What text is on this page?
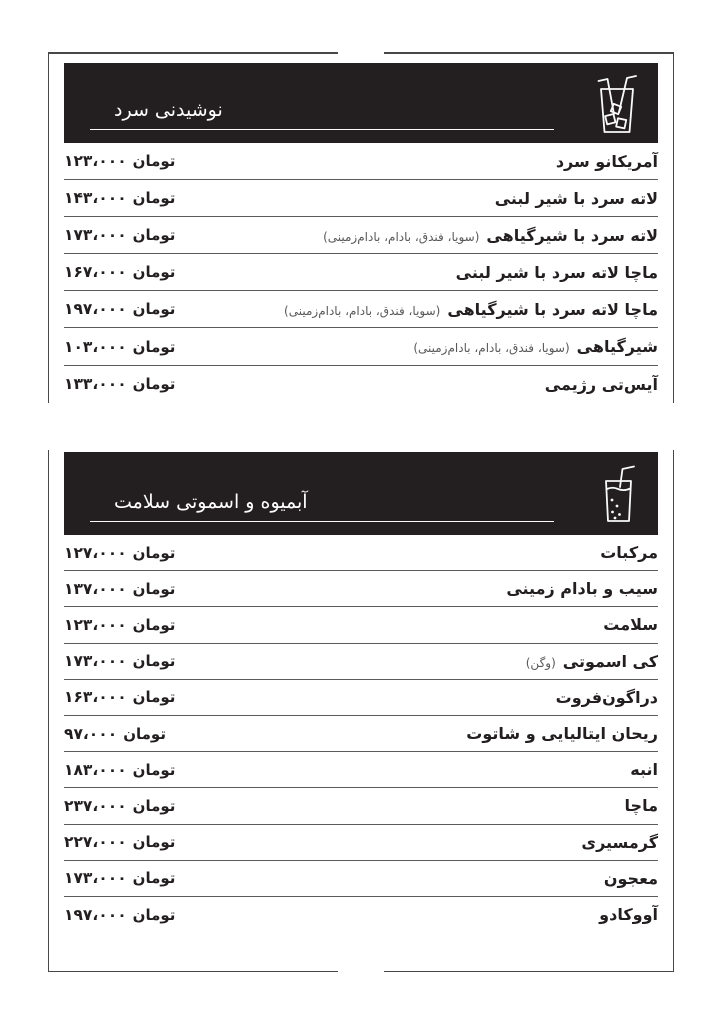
نوشیدنی سرد
آمریکانو سرد
۱۲۳،۰۰۰ تومان
لاته سرد با شیر لبنی
۱۴۳،۰۰۰ تومان
لاته سرد با شیرگیاهی
(سویا، فندق، بادام، بادام‌زمینی)
۱۷۳،۰۰۰ تومان
ماچا لاته سرد با شیر لبنی
۱۶۷،۰۰۰ تومان
ماچا لاته سرد با شیرگیاهی
(سویا، فندق، بادام، بادام‌زمینی)
۱۹۷،۰۰۰ تومان
شیرگیاهی
(سویا، فندق، بادام، بادام‌زمینی)
۱۰۳،۰۰۰ تومان
آیس‌تی رژیمی
۱۳۳،۰۰۰ تومان
آبمیوه و اسموتی سلامت
مرکبات
۱۲۷،۰۰۰ تومان
سیب و بادام زمینی
۱۳۷،۰۰۰ تومان
سلامت
۱۲۳،۰۰۰ تومان
کی اسموتی
(وگن)
۱۷۳،۰۰۰ تومان
دراگون‌فروت
۱۶۳،۰۰۰ تومان
ریحان ایتالیایی و شاتوت
۹۷،۰۰۰ تومان
انبه
۱۸۳،۰۰۰ تومان
ماچا
۲۳۷،۰۰۰ تومان
گرمسیری
۲۲۷،۰۰۰ تومان
معجون
۱۷۳،۰۰۰ تومان
آووکادو
۱۹۷،۰۰۰ تومان
